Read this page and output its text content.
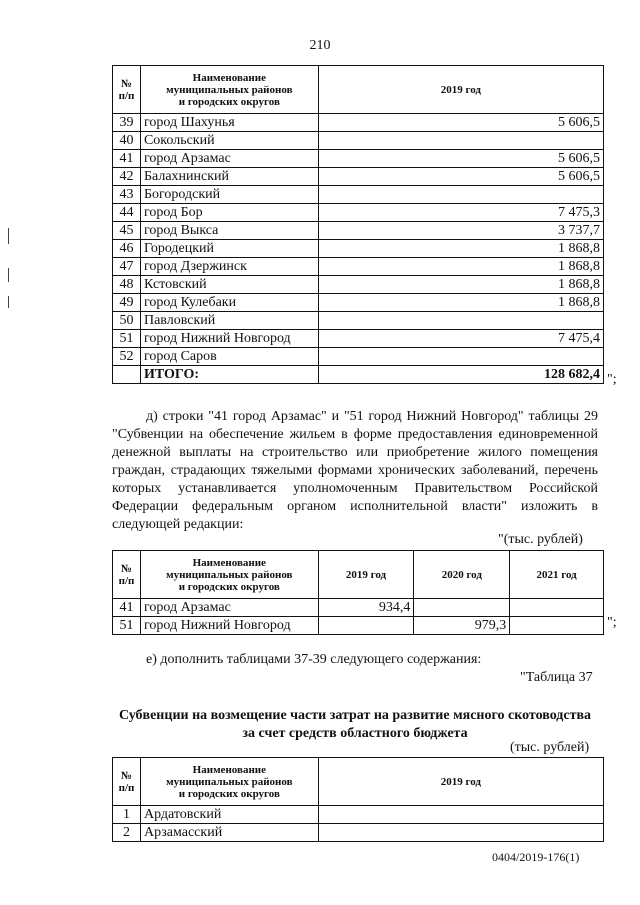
210
№
п/п	Наименование
муниципальных районов
и городских округов	2019 год
39	город Шахунья	5 606,5
40	Сокольский	
41	город Арзамас	5 606,5
42	Балахнинский	5 606,5
43	Богородский	
44	город Бор	7 475,3
45	город Выкса	3 737,7
46	Городецкий	1 868,8
47	город Дзержинск	1 868,8
48	Кстовский	1 868,8
49	город Кулебаки	1 868,8
50	Павловский	
51	город Нижний Новгород	7 475,4
52	город Саров	
	ИТОГО:	128 682,4 ";
д) строки "41 город Арзамас" и "51 город Нижний Новгород" таблицы 29 "Субвенции на обеспечение жильем в форме предоставления единовременной денежной выплаты на строительство или приобретение жилого помещения граждан, страдающих тяжелыми формами хронических заболеваний, перечень которых устанавливается уполномоченным Правительством Российской Федерации федеральным органом исполнительной власти" изложить в следующей редакции:
"(тыс. рублей)
№
п/п	Наименование
муниципальных районов
и городских округов	2019 год	2020 год	2021 год
41	город Арзамас	934,4		
51	город Нижний Новгород		979,3		";
е) дополнить таблицами 37-39 следующего содержания:
"Таблица 37
Субвенции на возмещение части затрат на развитие мясного скотоводства за счет средств областного бюджета
(тыс. рублей)
№
п/п	Наименование
муниципальных районов
и городских округов	2019 год
1	Ардатовский	
2	Арзамасский	
0404/2019-176(1)
